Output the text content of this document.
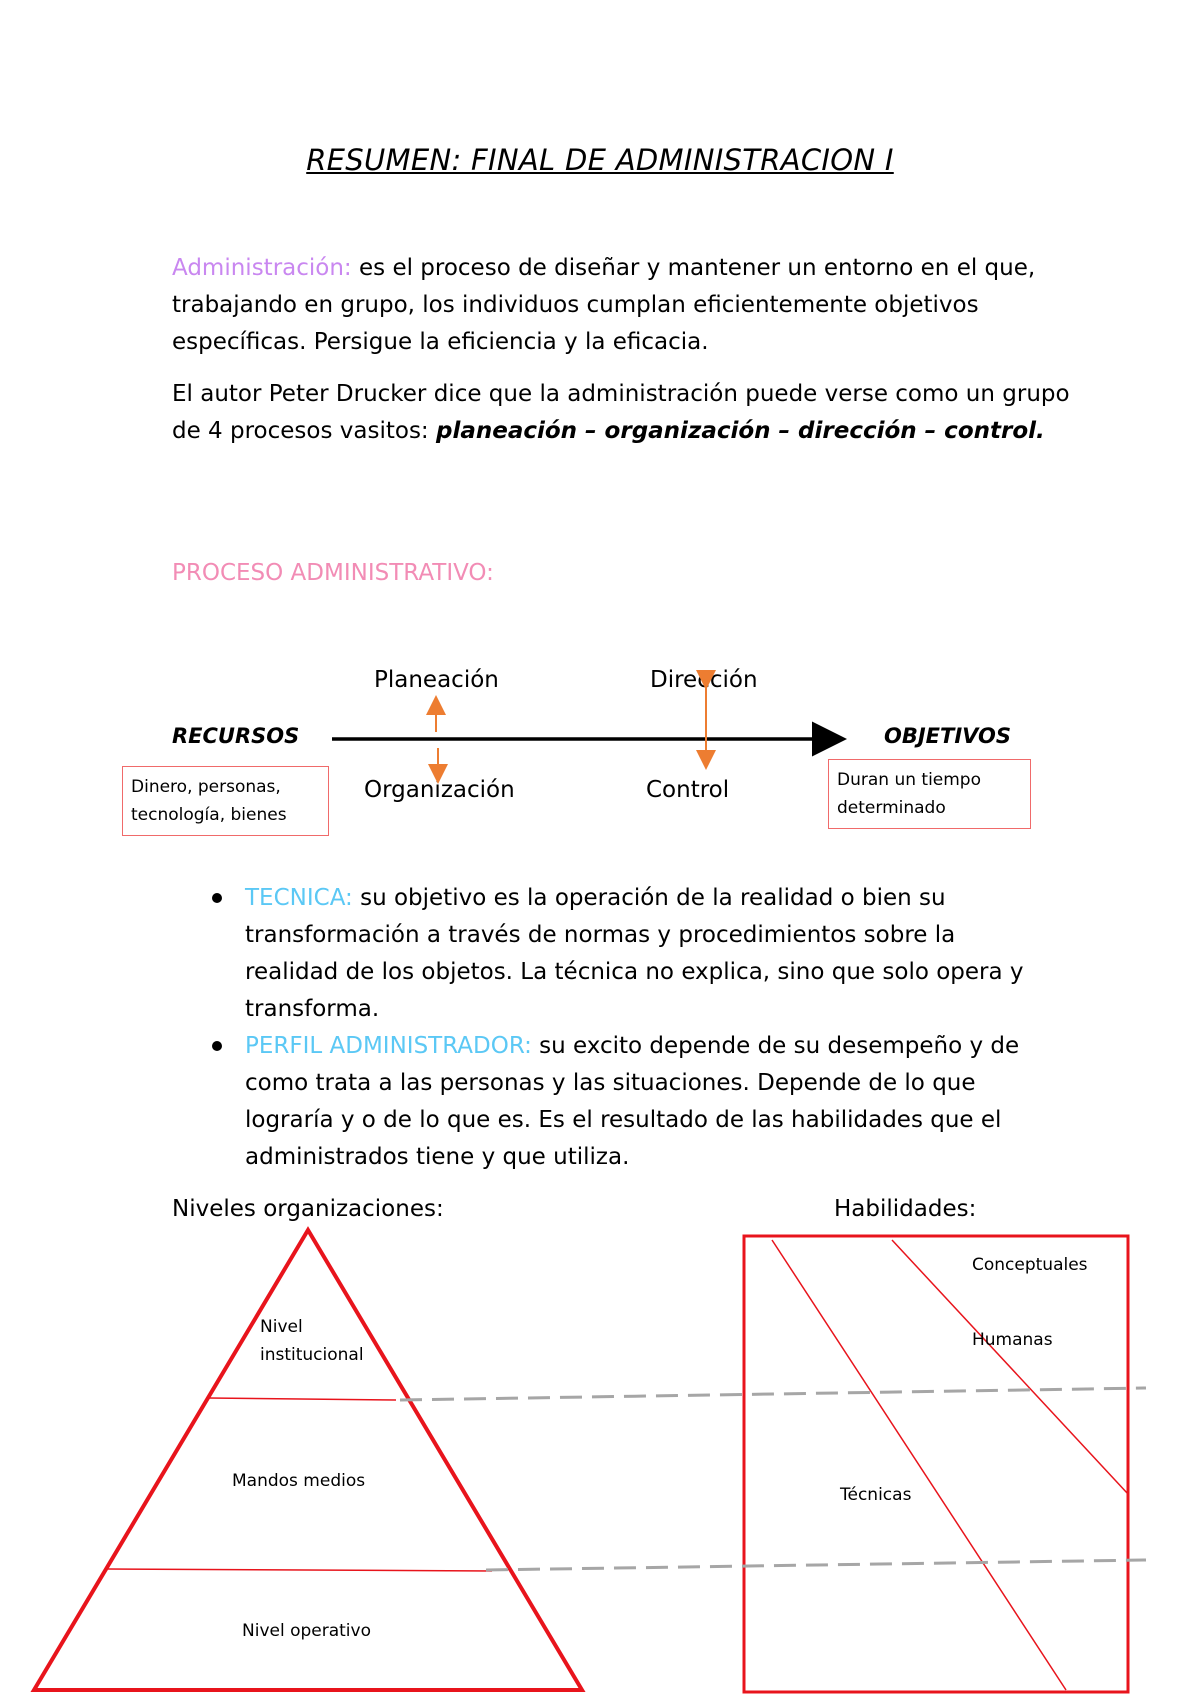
RESUMEN: FINAL DE ADMINISTRACION I

Administración: es el proceso de diseñar y mantener un entorno en el que, trabajando en grupo, los individuos cumplan eficientemente objetivos específicas. Persigue la eficiencia y la eficacia.

El autor Peter Drucker dice que la administración puede verse como un grupo de 4 procesos vasitos: planeación – organización – dirección – control.

PROCESO ADMINISTRATIVO:
Planeación	Dirección
RECURSOS	OBJETIVOS
Organización	Control
Dinero, personas, tecnología, bienes
Duran un tiempo determinado
TECNICA: su objetivo es la operación de la realidad o bien su transformación a través de normas y procedimientos sobre la realidad de los objetos. La técnica no explica, sino que solo opera y transforma.
PERFIL ADMINISTRADOR: su excito depende de su desempeño y de como trata a las personas y las situaciones. Depende de lo que lograría y o de lo que es. Es el resultado de las habilidades que el administrados tiene y que utiliza.
Niveles organizaciones:	Habilidades:
Nivel institucional
Mandos medios
Nivel operativo
Conceptuales
Humanas
Técnicas
